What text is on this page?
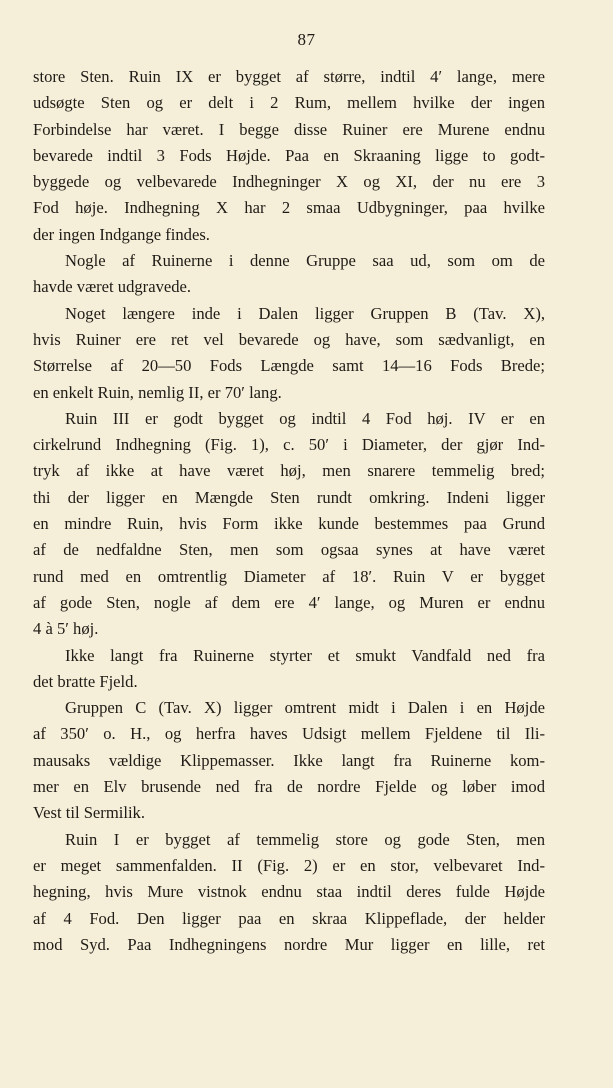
87
store Sten. Ruin IX er bygget af større, indtil 4′ lange, mere
udsøgte Sten og er delt i 2 Rum, mellem hvilke der ingen
Forbindelse har været. I begge disse Ruiner ere Murene endnu
bevarede indtil 3 Fods Højde. Paa en Skraaning ligge to godt-
byggede og velbevarede Indhegninger X og XI, der nu ere 3
Fod høje. Indhegning X har 2 smaa Udbygninger, paa hvilke
der ingen Indgange findes.
Nogle af Ruinerne i denne Gruppe saa ud, som om de
havde været udgravede.
Noget længere inde i Dalen ligger Gruppen B (Tav. X),
hvis Ruiner ere ret vel bevarede og have, som sædvanligt, en
Størrelse af 20—50 Fods Længde samt 14—16 Fods Brede;
en enkelt Ruin, nemlig II, er 70′ lang.
Ruin III er godt bygget og indtil 4 Fod høj. IV er en
cirkelrund Indhegning (Fig. 1), c. 50′ i Diameter, der gjør Ind-
tryk af ikke at have været høj, men snarere temmelig bred;
thi der ligger en Mængde Sten rundt omkring. Indeni ligger
en mindre Ruin, hvis Form ikke kunde bestemmes paa Grund
af de nedfaldne Sten, men som ogsaa synes at have været
rund med en omtrentlig Diameter af 18′. Ruin V er bygget
af gode Sten, nogle af dem ere 4′ lange, og Muren er endnu
4 à 5′ høj.
Ikke langt fra Ruinerne styrter et smukt Vandfald ned fra
det bratte Fjeld.
Gruppen C (Tav. X) ligger omtrent midt i Dalen i en Højde
af 350′ o. H., og herfra haves Udsigt mellem Fjeldene til Ili-
mausaks vældige Klippemasser. Ikke langt fra Ruinerne kom-
mer en Elv brusende ned fra de nordre Fjelde og løber imod
Vest til Sermilik.
Ruin I er bygget af temmelig store og gode Sten, men
er meget sammenfalden. II (Fig. 2) er en stor, velbevaret Ind-
hegning, hvis Mure vistnok endnu staa indtil deres fulde Højde
af 4 Fod. Den ligger paa en skraa Klippeflade, der helder
mod Syd. Paa Indhegningens nordre Mur ligger en lille, ret
